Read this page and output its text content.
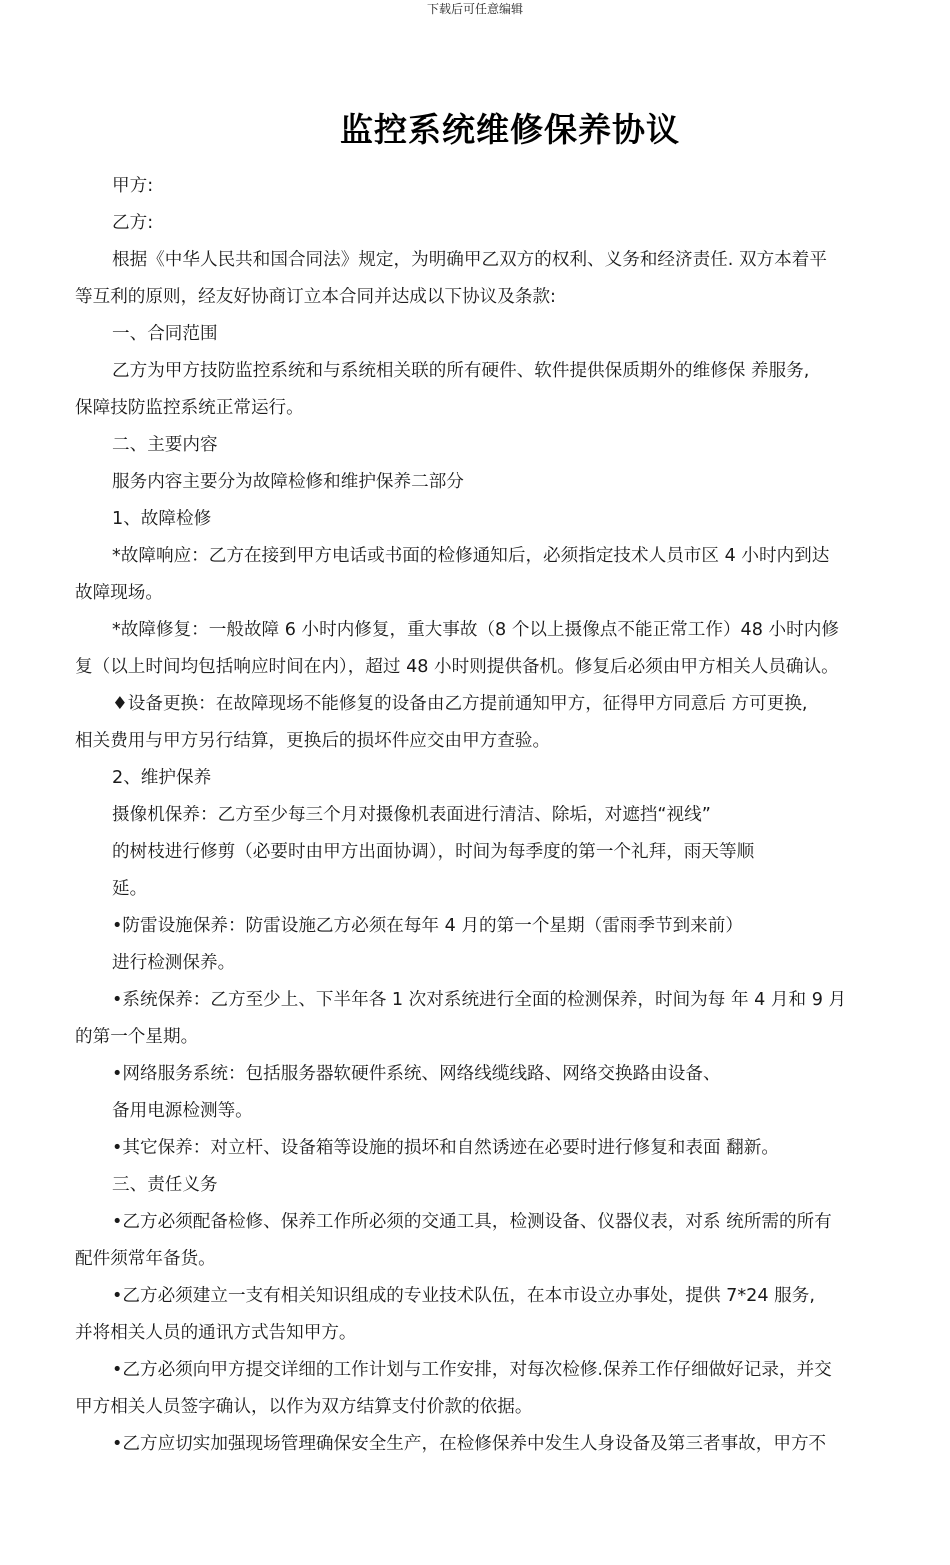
下载后可任意编辑
监控系统维修保养协议
甲方:
乙方:
根据《中华人民共和国合同法》规定，为明确甲乙双方的权利、义务和经济责任. 双方本着平
等互利的原则，经友好协商订立本合同并达成以下协议及条款:
一、合同范围
乙方为甲方技防监控系统和与系统相关联的所有硬件、软件提供保质期外的维修保 养服务,
保障技防监控系统正常运行。
二、主要内容
服务内容主要分为故障检修和维护保养二部分
1、故障检修
*故障响应：乙方在接到甲方电话或书面的检修通知后，必须指定技术人员市区 4 小时内到达
故障现场。
*故障修复：一般故障 6 小时内修复，重大事故（8 个以上摄像点不能正常工作）48 小时内修
复（以上时间均包括响应时间在内），超过 48 小时则提供备机。修复后必须由甲方相关人员确认。
♦设备更换：在故障现场不能修复的设备由乙方提前通知甲方，征得甲方同意后 方可更换,
相关费用与甲方另行结算，更换后的损坏件应交由甲方查验。
2、维护保养
摄像机保养：乙方至少每三个月对摄像机表面进行清洁、除垢，对遮挡“视线”
的树枝进行修剪（必要时由甲方出面协调），时间为每季度的第一个礼拜，雨天等顺
延。
•防雷设施保养：防雷设施乙方必须在每年 4 月的第一个星期（雷雨季节到来前）
进行检测保养。
•系统保养：乙方至少上、下半年各 1 次对系统进行全面的检测保养，时间为每 年 4 月和 9 月
的第一个星期。
•网络服务系统：包括服务器软硬件系统、网络线缆线路、网络交换路由设备、
备用电源检测等。
•其它保养：对立杆、设备箱等设施的损坏和自然诱迹在必要时进行修复和表面 翻新。
三、责任义务
•乙方必须配备检修、保养工作所必须的交通工具，检测设备、仪器仪表，对系 统所需的所有
配件须常年备货。
•乙方必须建立一支有相关知识组成的专业技术队伍，在本市设立办事处，提供 7*24 服务,
并将相关人员的通讯方式告知甲方。
•乙方必须向甲方提交详细的工作计划与工作安排，对每次检修.保养工作仔细做好记录，并交
甲方相关人员签字确认，以作为双方结算支付价款的依据。
•乙方应切实加强现场管理确保安全生产，在检修保养中发生人身设备及第三者事故，甲方不
